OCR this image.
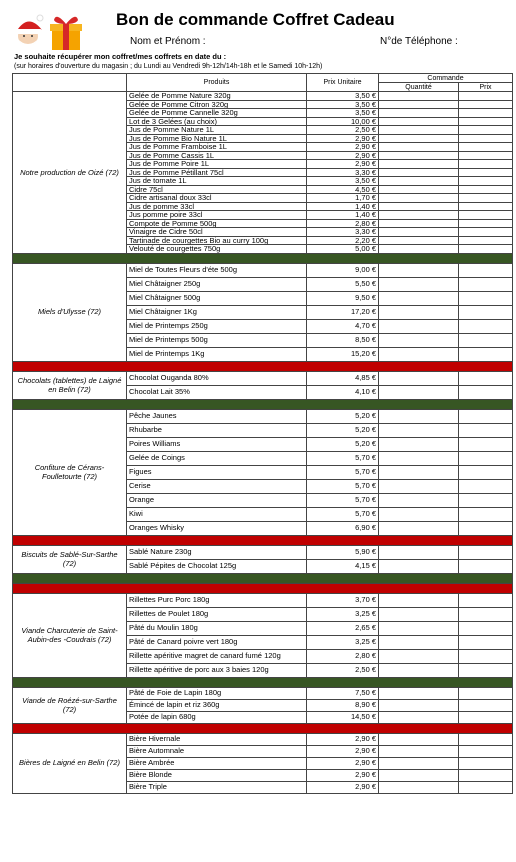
Bon de commande Coffret Cadeau
Nom et Prénom :	N°de Téléphone :
Je souhaite récupérer mon coffret/mes coffrets en date du :
(sur horaires d'ouverture du magasin ; du Lundi au Vendredi 9h-12h/14h-18h et le Samedi 10h-12h)
	Produits	Prix Unitaire	Commande	
			Quantité	Prix
Notre production de Oizé (72)	Gelée de Pomme Nature 320g	3,50 €		
	Gelée de Pomme Citron 320g	3,50 €		
	Gelée de Pomme Cannelle 320g	3,50 €		
	Lot de 3 Gelées (au choix)	10,00 €		
	Jus de Pomme Nature 1L	2,50 €		
	Jus de Pomme Bio Nature 1L	2,90 €		
	Jus de Pomme Framboise 1L	2,90 €		
	Jus de Pomme Cassis 1L	2,90 €		
	Jus de Pomme Poire 1L	2,90 €		
	Jus de Pomme Pétillant 75cl	3,30 €		
	Jus de tomate 1L	3,50 €		
	Cidre 75cl	4,50 €		
	Cidre artisanal doux 33cl	1,70 €		
	Jus de pomme 33cl	1,40 €		
	Jus pomme poire 33cl	1,40 €		
	Compote de Pomme 500g	2,80 €		
	Vinaigre de Cidre 50cl	3,30 €		
	Tartinade de courgettes Bio au curry 100g	2,20 €		
	Velouté de courgettes 750g	5,00 €		

Miels d'Ulysse (72)	Miel de Toutes Fleurs d'éte 500g	9,00 €		
	Miel Châtaigner 250g	5,50 €		
	Miel Châtaigner 500g	9,50 €		
	Miel Châtaigner 1Kg	17,20 €		
	Miel de Printemps 250g	4,70 €		
	Miel de Printemps 500g	8,50 €		
	Miel de Printemps 1Kg	15,20 €		

Chocolats (tablettes) de Laigné en Belin (72)	Chocolat Ouganda 80%	4,85 €		
	Chocolat Lait 35%	4,10 €		

Confiture de Cérans-Foulletourte (72)	Pêche Jaunes	5,20 €		
	Rhubarbe	5,20 €		
	Poires Williams	5,20 €		
	Gelée de Coings	5,70 €		
	Figues	5,70 €		
	Cerise	5,70 €		
	Orange	5,70 €		
	Kiwi	5,70 €		
	Oranges Whisky	6,90 €		

Biscuits de Sablé-Sur-Sarthe (72)	Sablé Nature 230g	5,90 €		
	Sablé Pépites de Chocolat 125g	4,15 €		

Viande Charcuterie de Saint-Aubin-des -Coudrais (72)	Rillettes Purc Porc 180g	3,70 €		
	Rillettes de Poulet 180g	3,25 €		
	Pâté du Moulin 180g	2,65 €		
	Pâté de Canard poivre vert 180g	3,25 €		
	Rillette apéritive magret de canard fumé 120g	2,80 €		
	Rillette apéritive de porc aux 3 baies 120g	2,50 €		

Viande de Roézé-sur-Sarthe (72)	Pâté de Foie de Lapin 180g	7,50 €		
	Émincé de lapin et riz 360g	8,90 €		
	Potée de lapin 680g	14,50 €		

Bières de Laigné en Belin (72)	Bière Hivernale	2,90 €		
	Bière Automnale	2,90 €		
	Bière Ambrée	2,90 €		
	Bière Blonde	2,90 €		
	Bière Triple	2,90 €		
